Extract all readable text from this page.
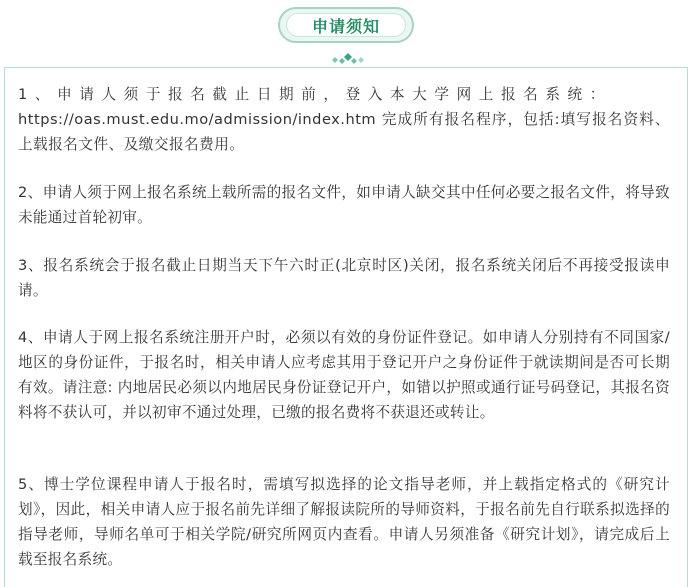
申请须知

1、申请人须于报名截止日期前，登入本大学网上报名系统：
https://oas.must.edu.mo/admission/index.htm 完成所有报名程序，包括:填写报名资料、上载报名文件、及缴交报名费用。

2、申请人须于网上报名系统上载所需的报名文件，如申请人缺交其中任何必要之报名文件，将导致未能通过首轮初审。

3、报名系统会于报名截止日期当天下午六时正(北京时区)关闭，报名系统关闭后不再接受报读申请。

4、申请人于网上报名系统注册开户时，必须以有效的身份证件登记。如申请人分别持有不同国家/地区的身份证件，于报名时，相关申请人应考虑其用于登记开户之身份证件于就读期间是否可长期有效。请注意: 内地居民必须以内地居民身份证登记开户，如错以护照或通行证号码登记，其报名资料将不获认可，并以初审不通过处理，已缴的报名费将不获退还或转让。

5、博士学位课程申请人于报名时，需填写拟选择的论文指导老师，并上载指定格式的《研究计划》，因此，相关申请人应于报名前先详细了解报读院所的导师资料，于报名前先自行联系拟选择的指导老师，导师名单可于相关学院/研究所网页内查看。申请人另须准备《研究计划》，请完成后上载至报名系统。
